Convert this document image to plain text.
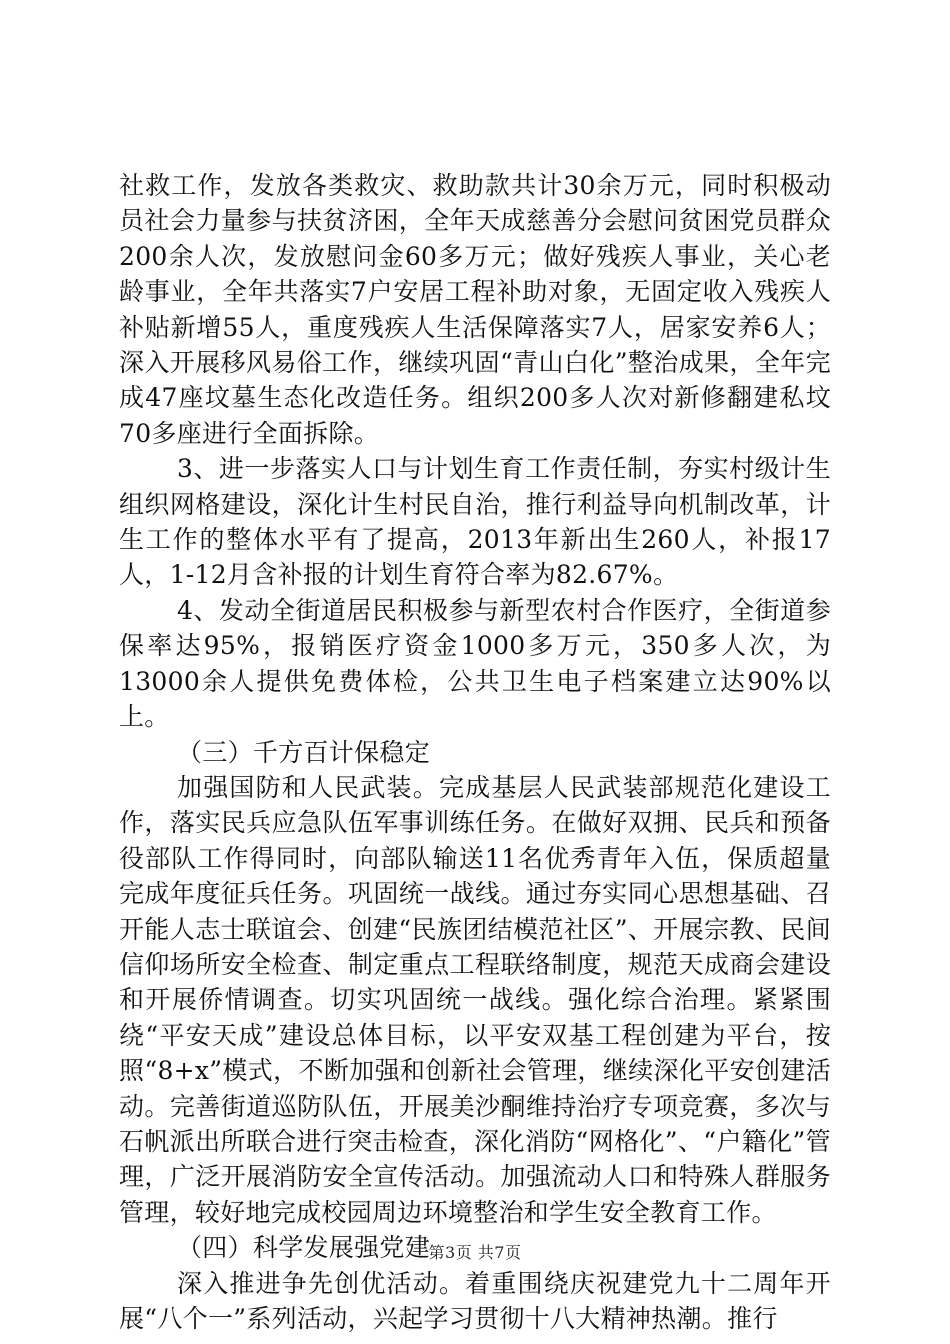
社救工作，发放各类救灾、救助款共计30余万元，同时积极动员社会力量参与扶贫济困，全年天成慈善分会慰问贫困党员群众200余人次，发放慰问金60多万元；做好残疾人事业，关心老龄事业，全年共落实7户安居工程补助对象，无固定收入残疾人补贴新增55人，重度残疾人生活保障落实7人，居家安养6人；深入开展移风易俗工作，继续巩固“青山白化”整治成果，全年完成47座坟墓生态化改造任务。组织200多人次对新修翻建私坟70多座进行全面拆除。

3、进一步落实人口与计划生育工作责任制，夯实村级计生组织网格建设，深化计生村民自治，推行利益导向机制改革，计生工作的整体水平有了提高，2013年新出生260人，补报17人，1-12月含补报的计划生育符合率为82.67%。

4、发动全街道居民积极参与新型农村合作医疗，全街道参保率达95%，报销医疗资金1000多万元，350多人次，为13000余人提供免费体检，公共卫生电子档案建立达90%以上。

（三）千方百计保稳定

加强国防和人民武装。完成基层人民武装部规范化建设工作，落实民兵应急队伍军事训练任务。在做好双拥、民兵和预备役部队工作得同时，向部队输送11名优秀青年入伍，保质超量完成年度征兵任务。巩固统一战线。通过夯实同心思想基础、召开能人志士联谊会、创建“民族团结模范社区”、开展宗教、民间信仰场所安全检查、制定重点工程联络制度，规范天成商会建设和开展侨情调查。切实巩固统一战线。强化综合治理。紧紧围绕“平安天成”建设总体目标，以平安双基工程创建为平台，按照“8+x”模式，不断加强和创新社会管理，继续深化平安创建活动。完善街道巡防队伍，开展美沙酮维持治疗专项竞赛，多次与石帆派出所联合进行突击检查，深化消防“网格化”、“户籍化”管理，广泛开展消防安全宣传活动。加强流动人口和特殊人群服务管理，较好地完成校园周边环境整治和学生安全教育工作。

（四）科学发展强党建

深入推进争先创优活动。着重围绕庆祝建党九十二周年开展“八个一”系列活动，兴起学习贯彻十八大精神热潮。推行

第3页 共7页
